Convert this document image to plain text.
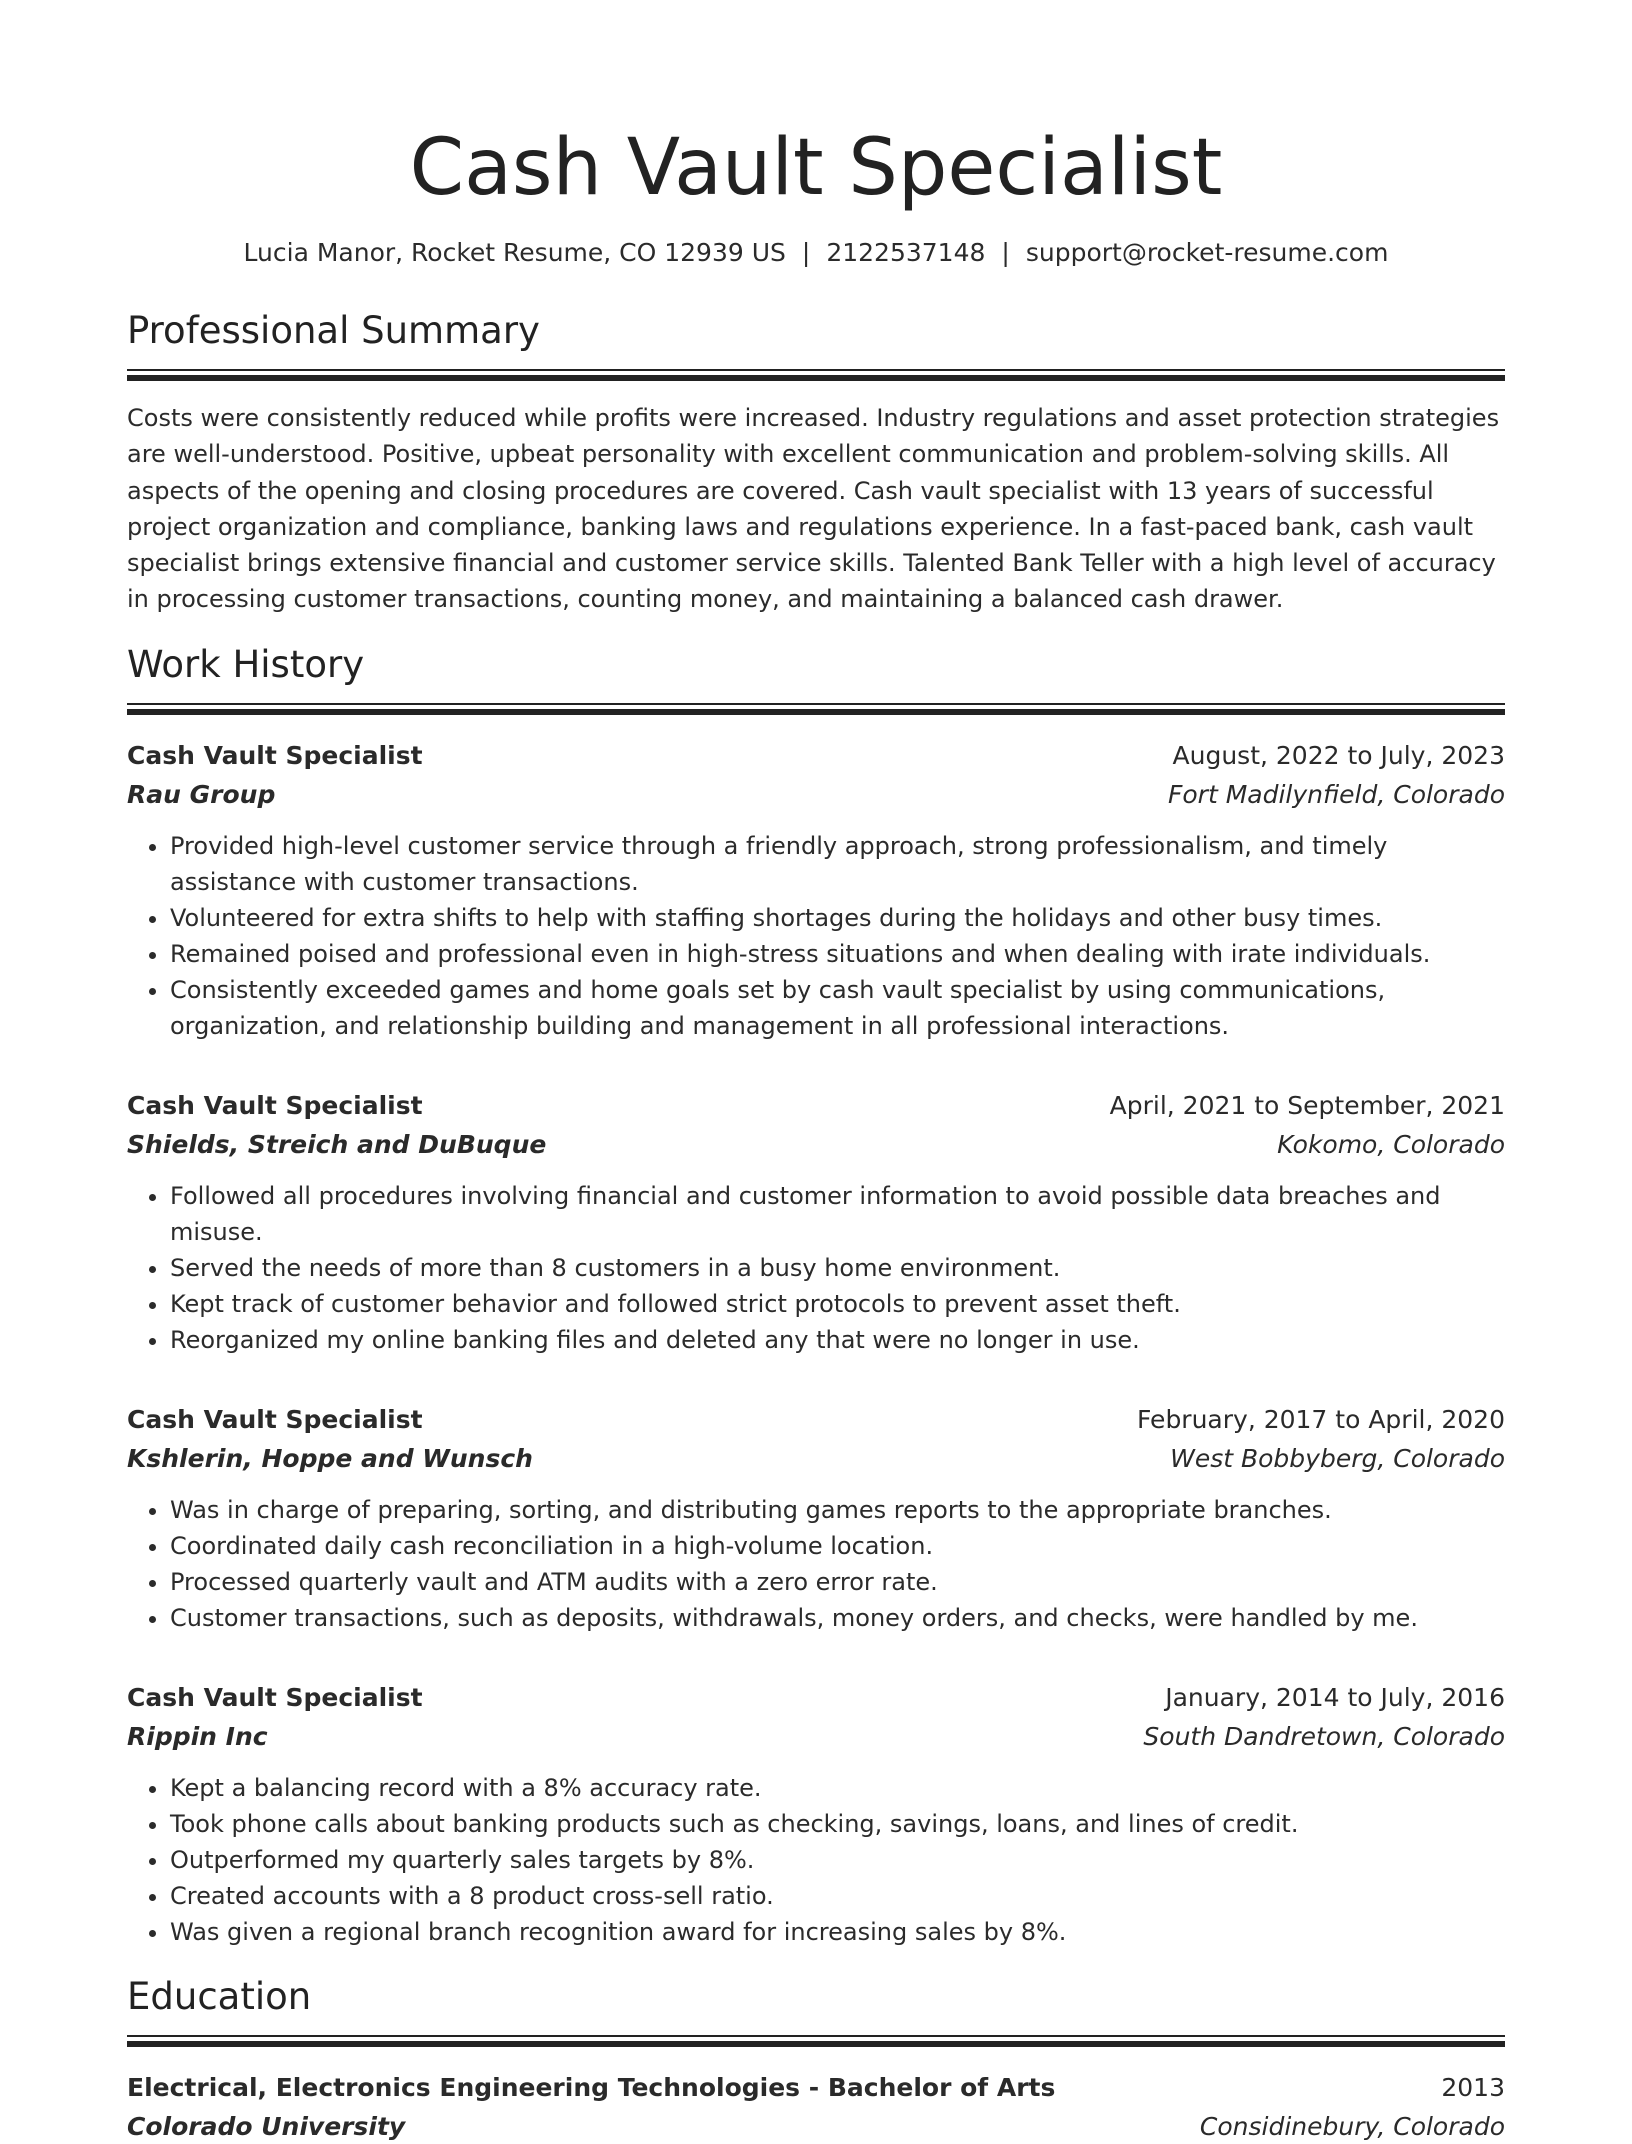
Cash Vault Specialist
Lucia Manor, Rocket Resume, CO 12939 US | 2122537148 | support@rocket-resume.com
Professional Summary

Costs were consistently reduced while profits were increased. Industry regulations and asset protection strategies are well-understood. Positive, upbeat personality with excellent communication and problem-solving skills. All aspects of the opening and closing procedures are covered. Cash vault specialist with 13 years of successful project organization and compliance, banking laws and regulations experience. In a fast-paced bank, cash vault specialist brings extensive financial and customer service skills. Talented Bank Teller with a high level of accuracy in processing customer transactions, counting money, and maintaining a balanced cash drawer.

Work History
Cash Vault Specialist	August, 2022 to July, 2023
Rau Group	Fort Madilynfield, Colorado
• Provided high-level customer service through a friendly approach, strong professionalism, and timely assistance with customer transactions.
• Volunteered for extra shifts to help with staffing shortages during the holidays and other busy times.
• Remained poised and professional even in high-stress situations and when dealing with irate individuals.
• Consistently exceeded games and home goals set by cash vault specialist by using communications, organization, and relationship building and management in all professional interactions.
Cash Vault Specialist	April, 2021 to September, 2021
Shields, Streich and DuBuque	Kokomo, Colorado
• Followed all procedures involving financial and customer information to avoid possible data breaches and misuse.
• Served the needs of more than 8 customers in a busy home environment.
• Kept track of customer behavior and followed strict protocols to prevent asset theft.
• Reorganized my online banking files and deleted any that were no longer in use.
Cash Vault Specialist	February, 2017 to April, 2020
Kshlerin, Hoppe and Wunsch	West Bobbyberg, Colorado
• Was in charge of preparing, sorting, and distributing games reports to the appropriate branches.
• Coordinated daily cash reconciliation in a high-volume location.
• Processed quarterly vault and ATM audits with a zero error rate.
• Customer transactions, such as deposits, withdrawals, money orders, and checks, were handled by me.
Cash Vault Specialist	January, 2014 to July, 2016
Rippin Inc	South Dandretown, Colorado
• Kept a balancing record with a 8% accuracy rate.
• Took phone calls about banking products such as checking, savings, loans, and lines of credit.
• Outperformed my quarterly sales targets by 8%.
• Created accounts with a 8 product cross-sell ratio.
• Was given a regional branch recognition award for increasing sales by 8%.
Education
Electrical, Electronics Engineering Technologies - Bachelor of Arts	2013
Colorado University	Considinebury, Colorado
